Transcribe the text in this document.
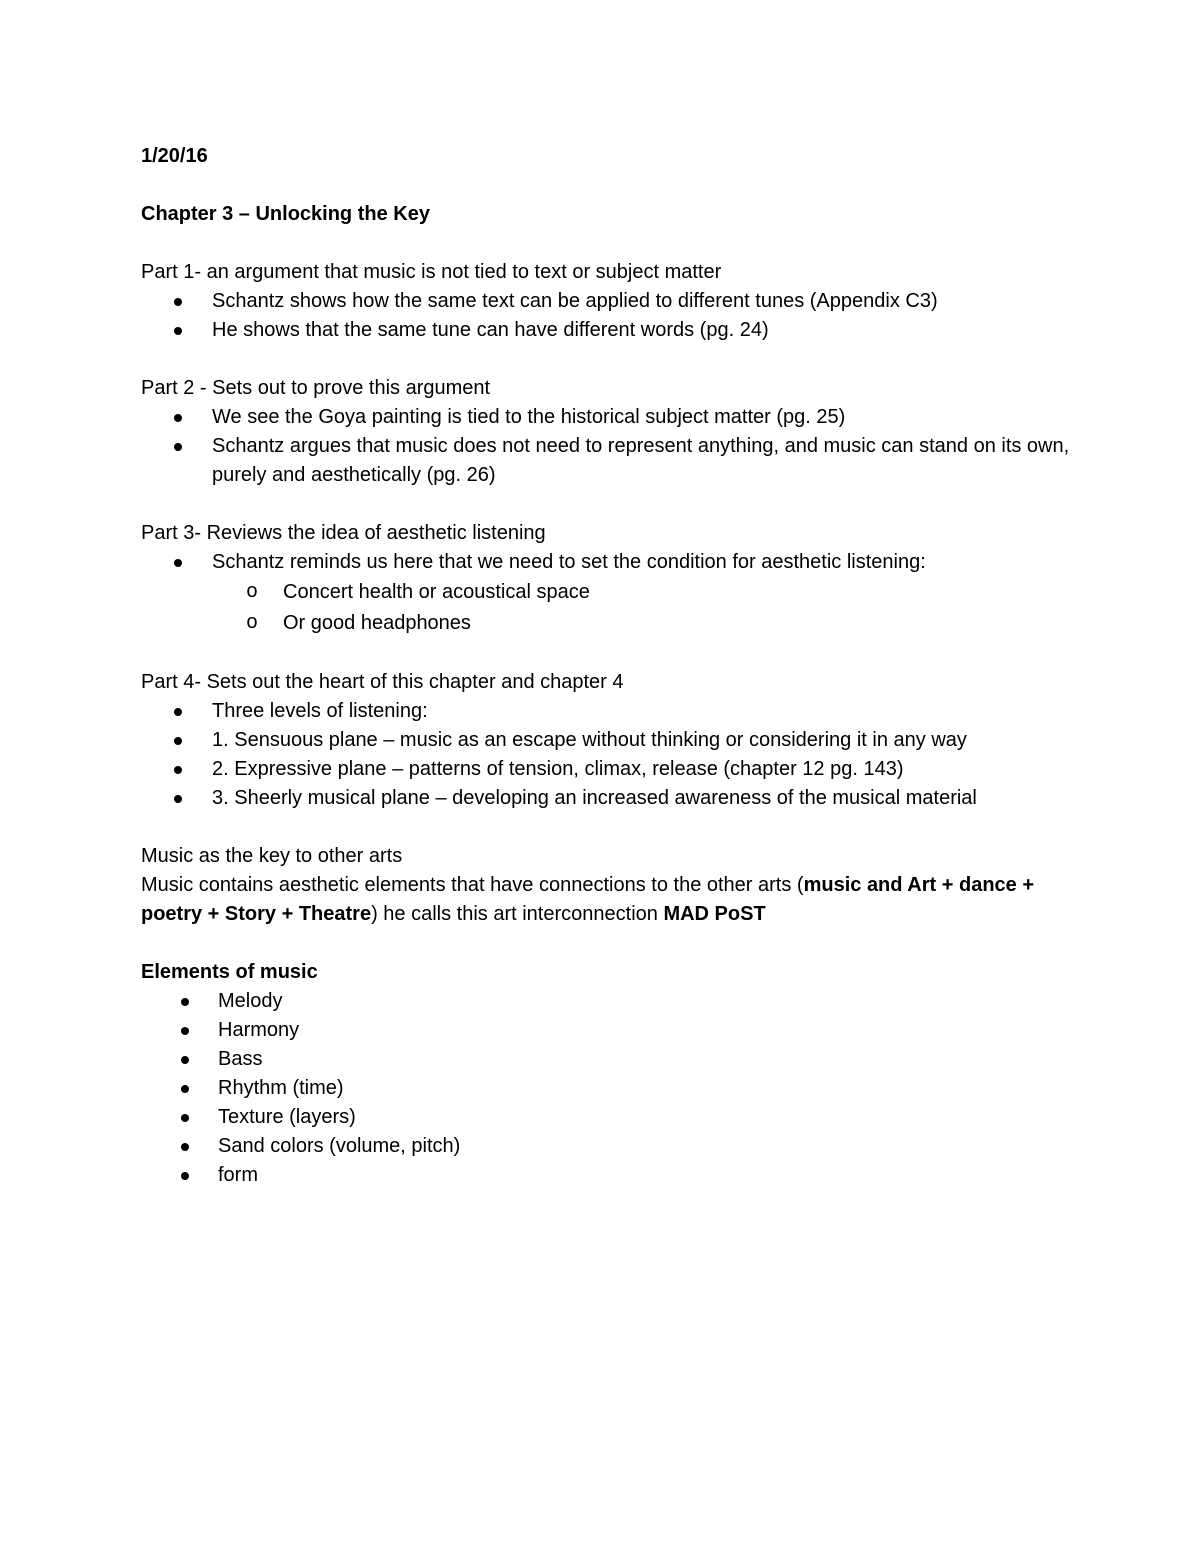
1/20/16

Chapter 3 – Unlocking the Key

Part 1- an argument that music is not tied to text or subject matter

Schantz shows how the same text can be applied to different tunes (Appendix C3)
He shows that the same tune can have different words (pg. 24)

Part 2 - Sets out to prove this argument

We see the Goya painting is tied to the historical subject matter (pg. 25)
Schantz argues that music does not need to represent anything, and music can stand on its own, purely and aesthetically (pg. 26)

Part 3- Reviews the idea of aesthetic listening

Schantz reminds us here that we need to set the condition for aesthetic listening:
o Concert health or acoustical space
o Or good headphones

Part 4- Sets out the heart of this chapter and chapter 4

Three levels of listening:
1. Sensuous plane – music as an escape without thinking or considering it in any way
2. Expressive plane – patterns of tension, climax, release (chapter 12 pg. 143)
3. Sheerly musical plane – developing an increased awareness of the musical material

Music as the key to other arts

Music contains aesthetic elements that have connections to the other arts (music and Art + dance + poetry + Story + Theatre) he calls this art interconnection MAD PoST

Elements of music

Melody
Harmony
Bass
Rhythm (time)
Texture (layers)
Sand colors (volume, pitch)
form
